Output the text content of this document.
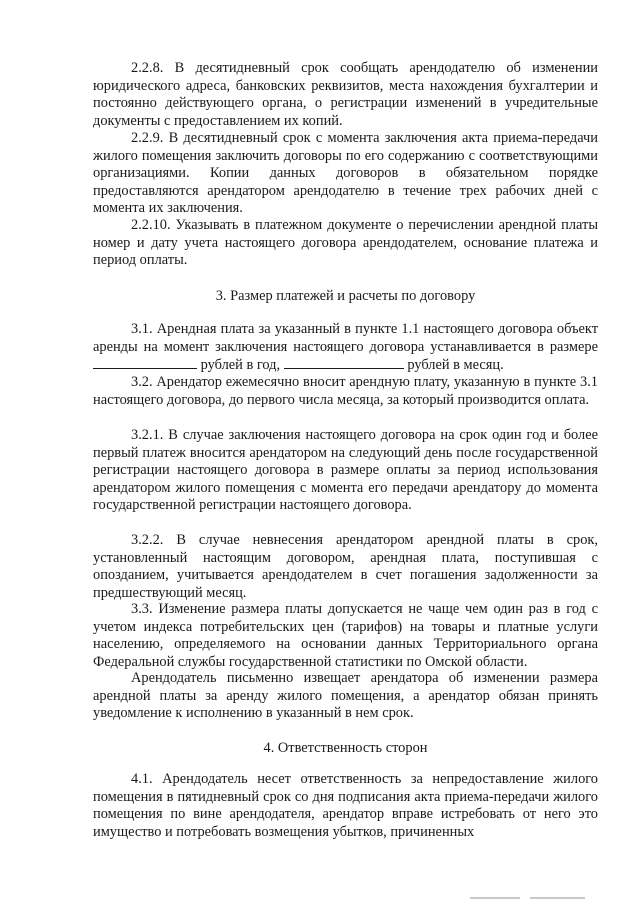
2.2.8. В десятидневный срок сообщать арендодателю об изменении юридического адреса, банковских реквизитов, места нахождения бухгалтерии и постоянно действующего органа, о регистрации изменений в учредительные документы с предоставлением их копий.

2.2.9. В десятидневный срок с момента заключения акта приема-передачи жилого помещения заключить договоры по его содержанию с соответствующими организациями. Копии данных договоров в обязательном порядке предоставляются арендатором арендодателю в течение трех рабочих дней с момента их заключения.

2.2.10. Указывать в платежном документе о перечислении арендной платы номер и дату учета настоящего договора арендодателем, основание платежа и период оплаты.

3. Размер платежей и расчеты по договору

3.1. Арендная плата за указанный в пункте 1.1 настоящего договора объект аренды на момент заключения настоящего договора устанавливается в размере  рублей в год,	рублей в месяц.

3.2. Арендатор ежемесячно вносит арендную плату, указанную в пункте 3.1 настоящего договора, до первого числа месяца, за который производится оплата.

3.2.1. В случае заключения настоящего договора на срок один год и более первый платеж вносится арендатором на следующий день после государственной регистрации настоящего договора в размере оплаты за период использования арендатором жилого помещения с момента его передачи арендатору до момента государственной регистрации настоящего договора.

3.2.2. В случае невнесения арендатором арендной платы в срок, установленный настоящим договором, арендная плата, поступившая с опозданием, учитывается арендодателем в счет погашения задолженности за предшествующий месяц.

3.3. Изменение размера платы допускается не чаще чем один раз в год с учетом индекса потребительских цен (тарифов) на товары и платные услуги населению, определяемого на основании данных Территориального органа Федеральной службы государственной статистики по Омской области.

Арендодатель письменно извещает арендатора об изменении размера арендной платы за аренду жилого помещения, а арендатор обязан принять уведомление к исполнению в указанный в нем срок.

4. Ответственность сторон

4.1. Арендодатель несет ответственность за непредоставление жилого помещения в пятидневный срок со дня подписания акта приема-передачи жилого помещения по вине арендодателя, арендатор вправе истребовать от него это имущество и потребовать возмещения убытков, причиненных
